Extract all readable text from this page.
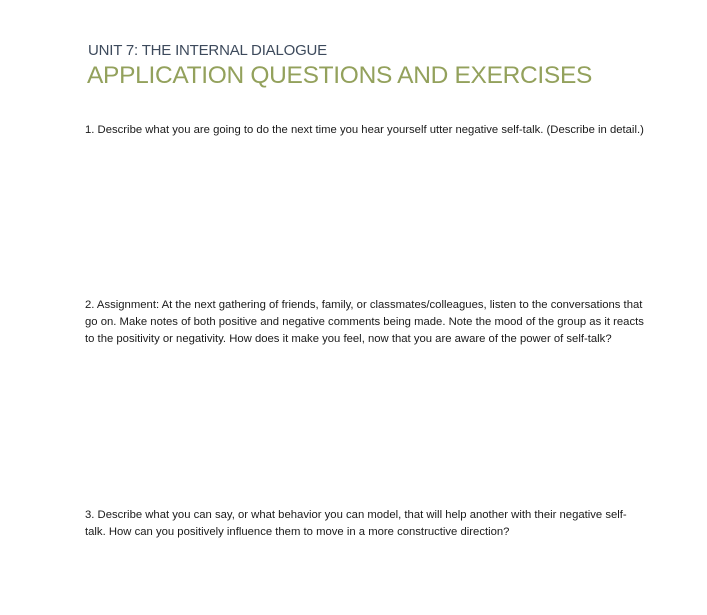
UNIT 7: THE INTERNAL DIALOGUE
APPLICATION QUESTIONS AND EXERCISES
1. Describe what you are going to do the next time you hear yourself utter negative self-talk. (Describe in detail.)
2. Assignment: At the next gathering of friends, family, or classmates/colleagues, listen to the conversations that go on. Make notes of both positive and negative comments being made. Note the mood of the group as it reacts to the positivity or negativity. How does it make you feel, now that you are aware of the power of self-talk?
3. Describe what you can say, or what behavior you can model, that will help another with their negative self-talk. How can you positively influence them to move in a more constructive direction?
